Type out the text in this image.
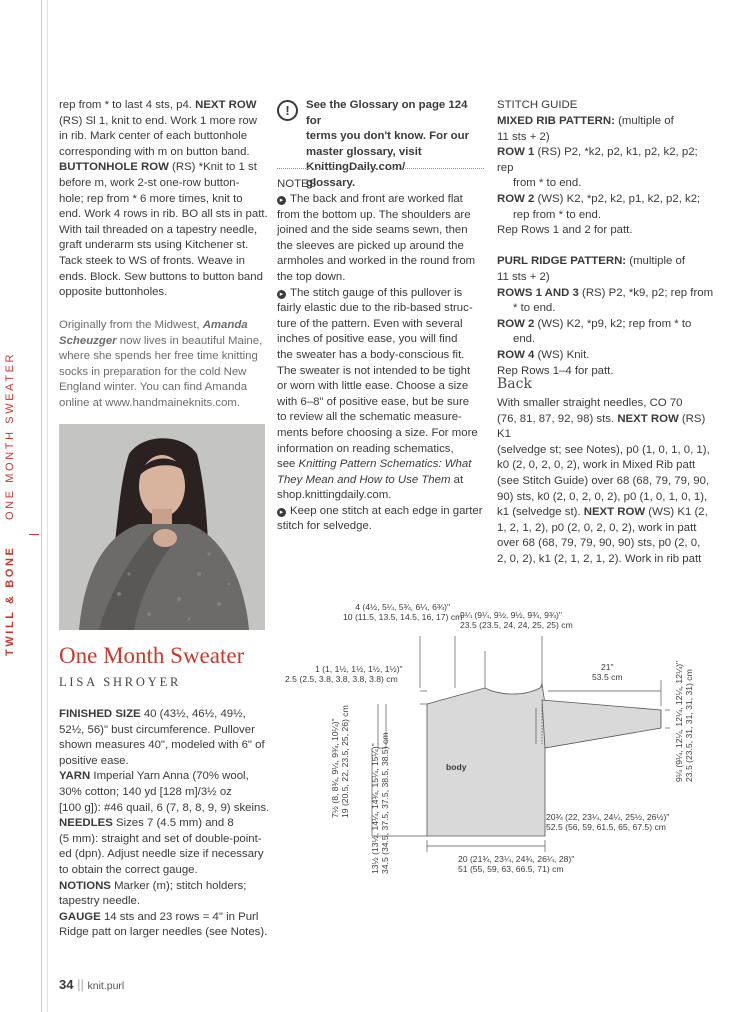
ONE MONTH SWEATER
TWILL & BONE

rep from * to last 4 sts, p4. NEXT ROW

(RS) Sl 1, knit to end. Work 1 more row

in rib. Mark center of each buttonhole

corresponding with m on button band.

BUTTONHOLE ROW (RS) *Knit to 1 st

before m, work 2-st one-row button-

hole; rep from * 6 more times, knit to

end. Work 4 rows in rib. BO all sts in patt.

With tail threaded on a tapestry needle,

graft underarm sts using Kitchener st.

Tack steek to WS of fronts. Weave in

ends. Block. Sew buttons to button band

opposite buttonholes.

Originally from the Midwest, Amanda

Scheuzger now lives in beautiful Maine,

where she spends her free time knitting

socks in preparation for the cold New

England winter. You can find Amanda

online at www.handmaineknits.com.

One Month Sweater
LISA SHROYER

FINISHED SIZE 40 (43½, 46½, 49½,

52½, 56)" bust circumference. Pullover

shown measures 40", modeled with 6" of

positive ease.

YARN Imperial Yarn Anna (70% wool,

30% cotton; 140 yd [128 m]/3½ oz

[100 g]): #46 quail, 6 (7, 8, 8, 9, 9) skeins.

NEEDLES Sizes 7 (4.5 mm) and 8

(5 mm): straight and set of double-point-

ed (dpn). Adjust needle size if necessary

to obtain the correct gauge.

NOTIONS Marker (m); stitch holders;

tapestry needle.

GAUGE 14 sts and 23 rows = 4" in Purl

Ridge patt on larger needles (see Notes).

!	See the Glossary on page 124 for

terms you don't know. For our

master glossary, visit KnittingDaily.com/

glossary.

NOTES

▸ The back and front are worked flat

from the bottom up. The shoulders are

joined and the side seams sewn, then

the sleeves are picked up around the

armholes and worked in the round from

the top down.

▸ The stitch gauge of this pullover is

fairly elastic due to the rib-based struc-

ture of the pattern. Even with several

inches of positive ease, you will find

the sweater has a body-conscious fit.

The sweater is not intended to be tight

or worn with little ease. Choose a size

with 6–8" of positive ease, but be sure

to review all the schematic measure-

ments before choosing a size. For more

information on reading schematics,

see Knitting Pattern Schematics: What

They Mean and How to Use Them at

shop.knittingdaily.com.

▸ Keep one stitch at each edge in garter

stitch for selvedge.

STITCH GUIDE

MIXED RIB PATTERN: (multiple of

11 sts + 2)

ROW 1 (RS) P2, *k2, p2, k1, p2, k2, p2; rep

from * to end.

ROW 2 (WS) K2, *p2, k2, p1, k2, p2, k2;

rep from * to end.

Rep Rows 1 and 2 for patt.

PURL RIDGE PATTERN: (multiple of

11 sts + 2)

ROWS 1 AND 3 (RS) P2, *k9, p2; rep from

* to end.

ROW 2 (WS) K2, *p9, k2; rep from * to

end.

ROW 4 (WS) Knit.

Rep Rows 1–4 for patt.

Back

With smaller straight needles, CO 70

(76, 81, 87, 92, 98) sts. NEXT ROW (RS) K1

(selvedge st; see Notes), p0 (1, 0, 1, 0, 1),

k0 (2, 0, 2, 0, 2), work in Mixed Rib patt

(see Stitch Guide) over 68 (68, 79, 79, 90,

90) sts, k0 (2, 0, 2, 0, 2), p0 (1, 0, 1, 0, 1),

k1 (selvedge st). NEXT ROW (WS) K1 (2,

1, 2, 1, 2), p0 (2, 0, 2, 0, 2), work in patt

over 68 (68, 79, 79, 90, 90) sts, p0 (2, 0,

2, 0, 2), k1 (2, 1, 2, 1, 2). Work in rib patt

4 (4½, 5¼, 5¾, 6¼, 6¾)"
10 (11.5, 13.5, 14.5, 16, 17) cm
9¼ (9¼, 9½, 9½, 9¾, 9¾)"
23.5 (23.5, 24, 24, 25, 25) cm
1 (1, 1½, 1½, 1½, 1½)"
2.5 (2.5, 3.8, 3.8, 3.8, 3.8) cm
21"
53.5 cm
body
20¾ (22, 23¼, 24¼, 25½, 26½)"
52.5 (56, 59, 61.5, 65, 67.5) cm
20 (21¾, 23¼, 24¾, 26¼, 28)"
51 (55, 59, 63, 66.5, 71) cm
7½ (8, 8¾, 9¼, 9¾, 10¼)" 19 (20.5, 22, 23.5, 25, 26) cm 13½ (13½, 14¼, 14¾, 15¼, 15¼)" 34.5 (34.5, 37.5, 37.5, 38.5, 38.5) cm
9¼ (9¼, 12¼, 12¼, 12¼, 12¼)" 23.5 (23.5, 31, 31, 31, 31) cm
34 || knit.purl
